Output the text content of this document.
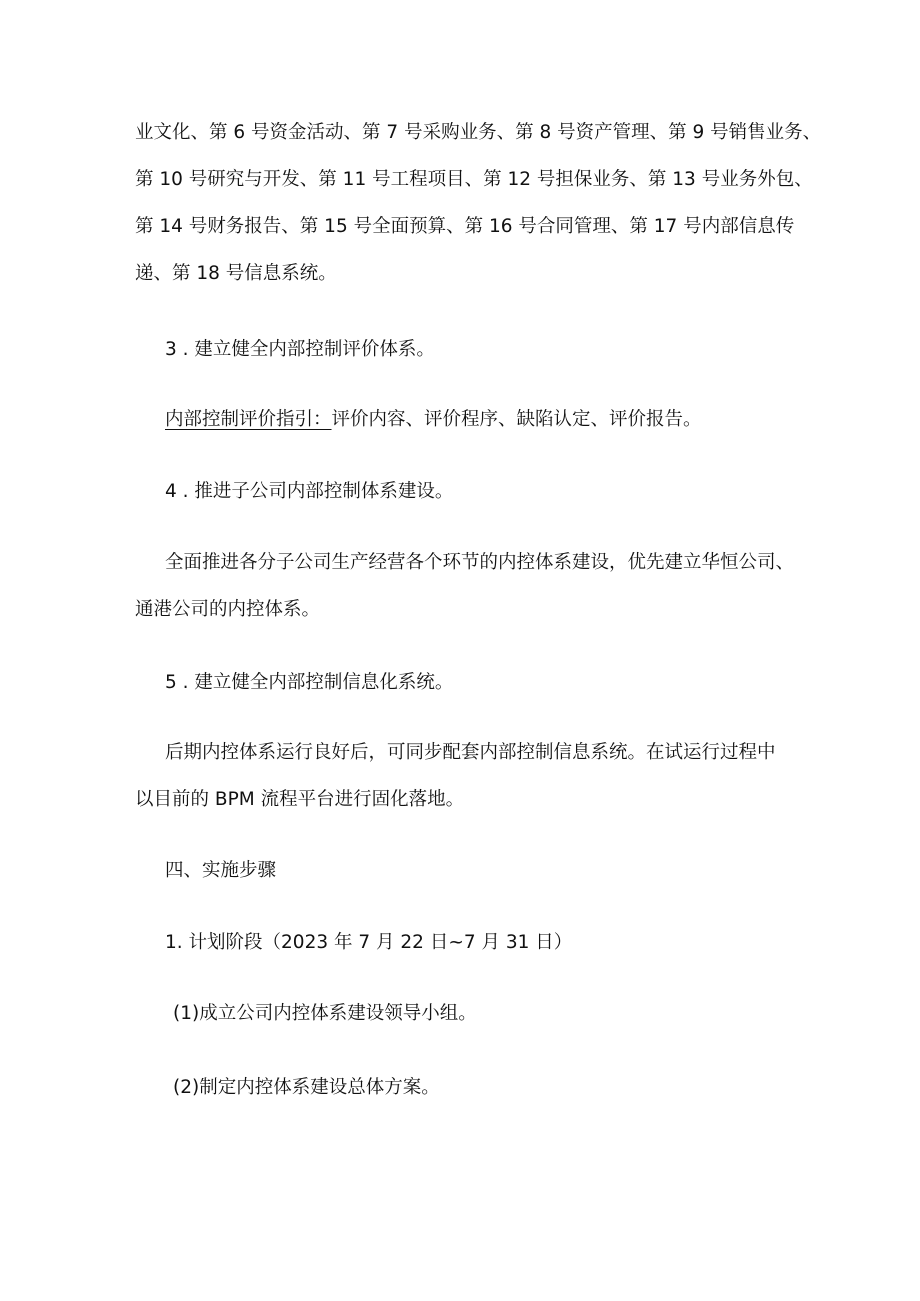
业文化、第 6 号资金活动、第 7 号采购业务、第 8 号资产管理、第 9 号销售业务、
第 10 号研究与开发、第 11 号工程项目、第 12 号担保业务、第 13 号业务外包、
第 14 号财务报告、第 15 号全面预算、第 16 号合同管理、第 17 号内部信息传
递、第 18 号信息系统。
3 . 建立健全内部控制评价体系。
内部控制评价指引：评价内容、评价程序、缺陷认定、评价报告。
4 . 推进子公司内部控制体系建设。
全面推进各分子公司生产经营各个环节的内控体系建设，优先建立华恒公司、
通港公司的内控体系。
5 . 建立健全内部控制信息化系统。
后期内控体系运行良好后，可同步配套内部控制信息系统。在试运行过程中
以目前的 BPM 流程平台进行固化落地。
四、实施步骤
1. 计划阶段（2023 年 7 月 22 日~7 月 31 日）
(1)成立公司内控体系建设领导小组。
(2)制定内控体系建设总体方案。
